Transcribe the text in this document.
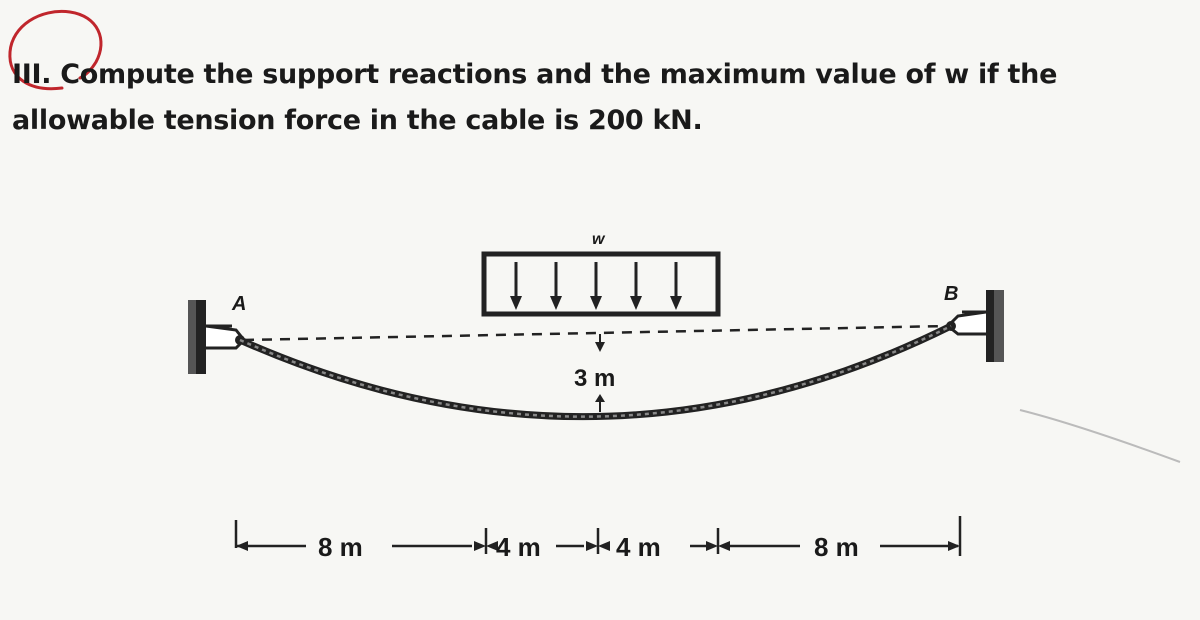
III. Compute the support reactions and the maximum value of w if the
allowable tension force in the cable is 200 kN.
A	B
w
3 m
8 m	4 m	4 m	8 m
